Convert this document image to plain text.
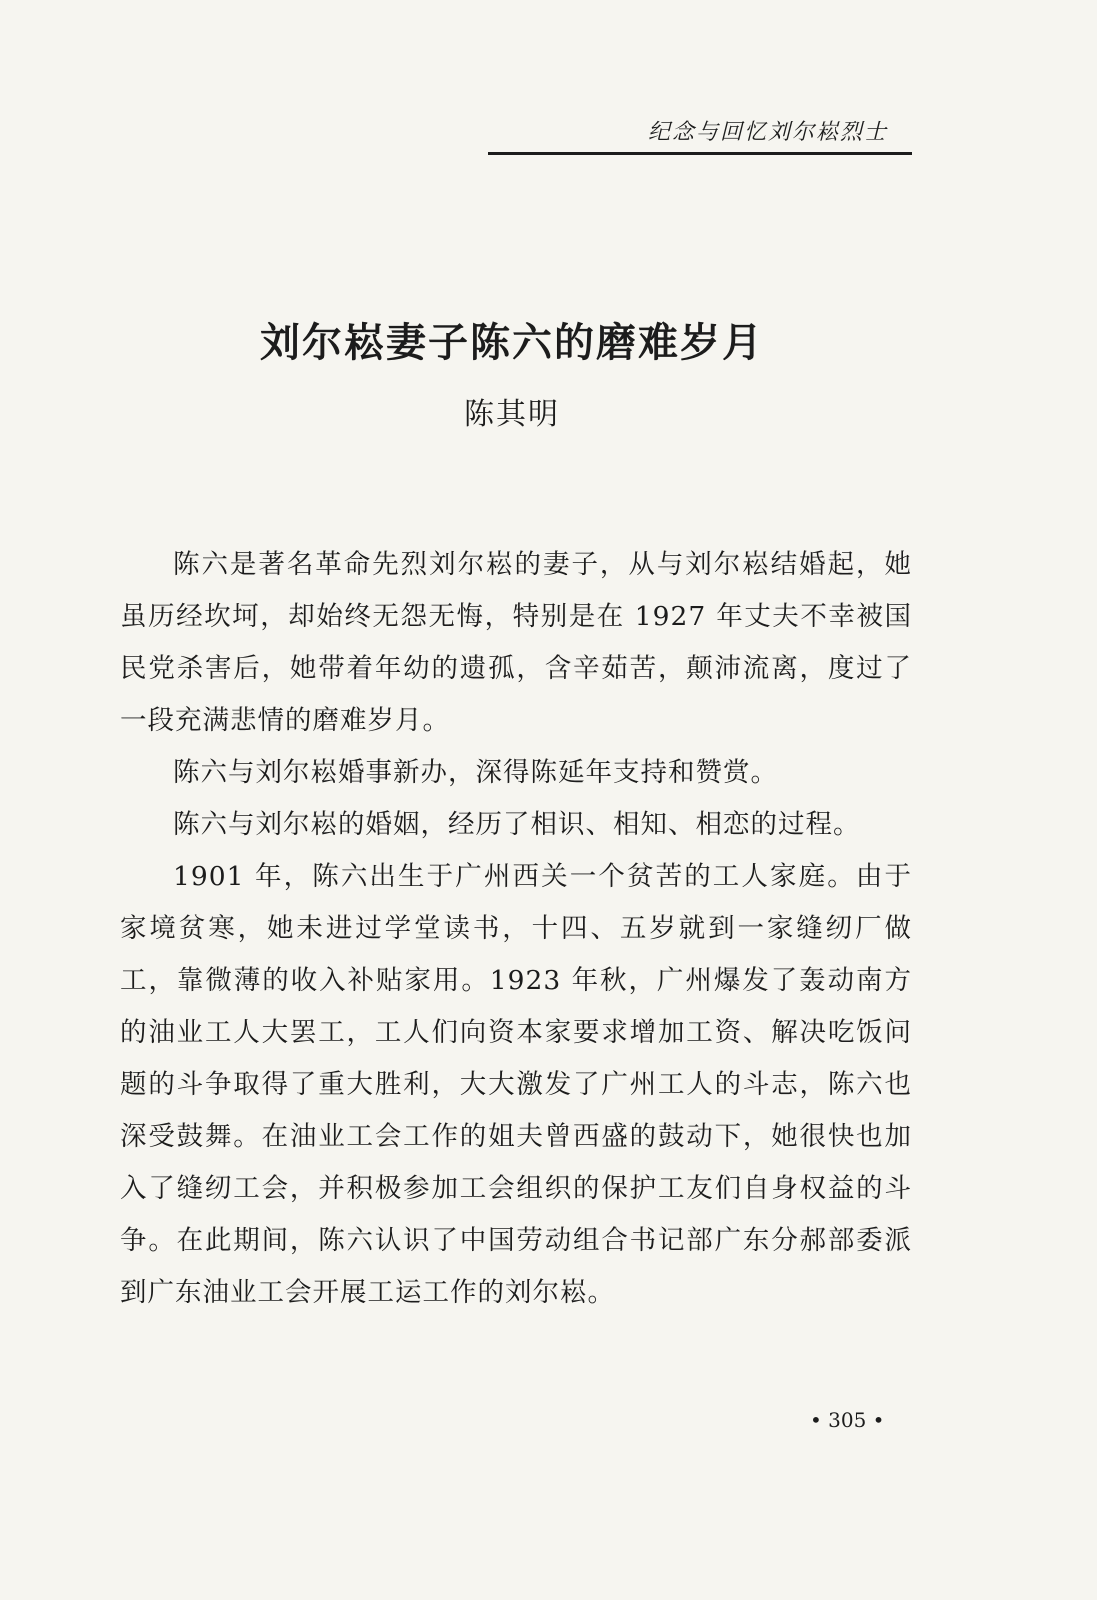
纪念与回忆刘尔崧烈士
刘尔崧妻子陈六的磨难岁月
陈其明

陈六是著名革命先烈刘尔崧的妻子，从与刘尔崧结婚起，她虽历经坎坷，却始终无怨无悔，特别是在 1927 年丈夫不幸被国民党杀害后，她带着年幼的遗孤，含辛茹苦，颠沛流离，度过了一段充满悲情的磨难岁月。

陈六与刘尔崧婚事新办，深得陈延年支持和赞赏。

陈六与刘尔崧的婚姻，经历了相识、相知、相恋的过程。

1901 年，陈六出生于广州西关一个贫苦的工人家庭。由于家境贫寒，她未进过学堂读书，十四、五岁就到一家缝纫厂做工，靠微薄的收入补贴家用。1923 年秋，广州爆发了轰动南方的油业工人大罢工，工人们向资本家要求增加工资、解决吃饭问题的斗争取得了重大胜利，大大激发了广州工人的斗志，陈六也深受鼓舞。在油业工会工作的姐夫曾西盛的鼓动下，她很快也加入了缝纫工会，并积极参加工会组织的保护工友们自身权益的斗争。在此期间，陈六认识了中国劳动组合书记部广东分郝部委派到广东油业工会开展工运工作的刘尔崧。

• 305 •
